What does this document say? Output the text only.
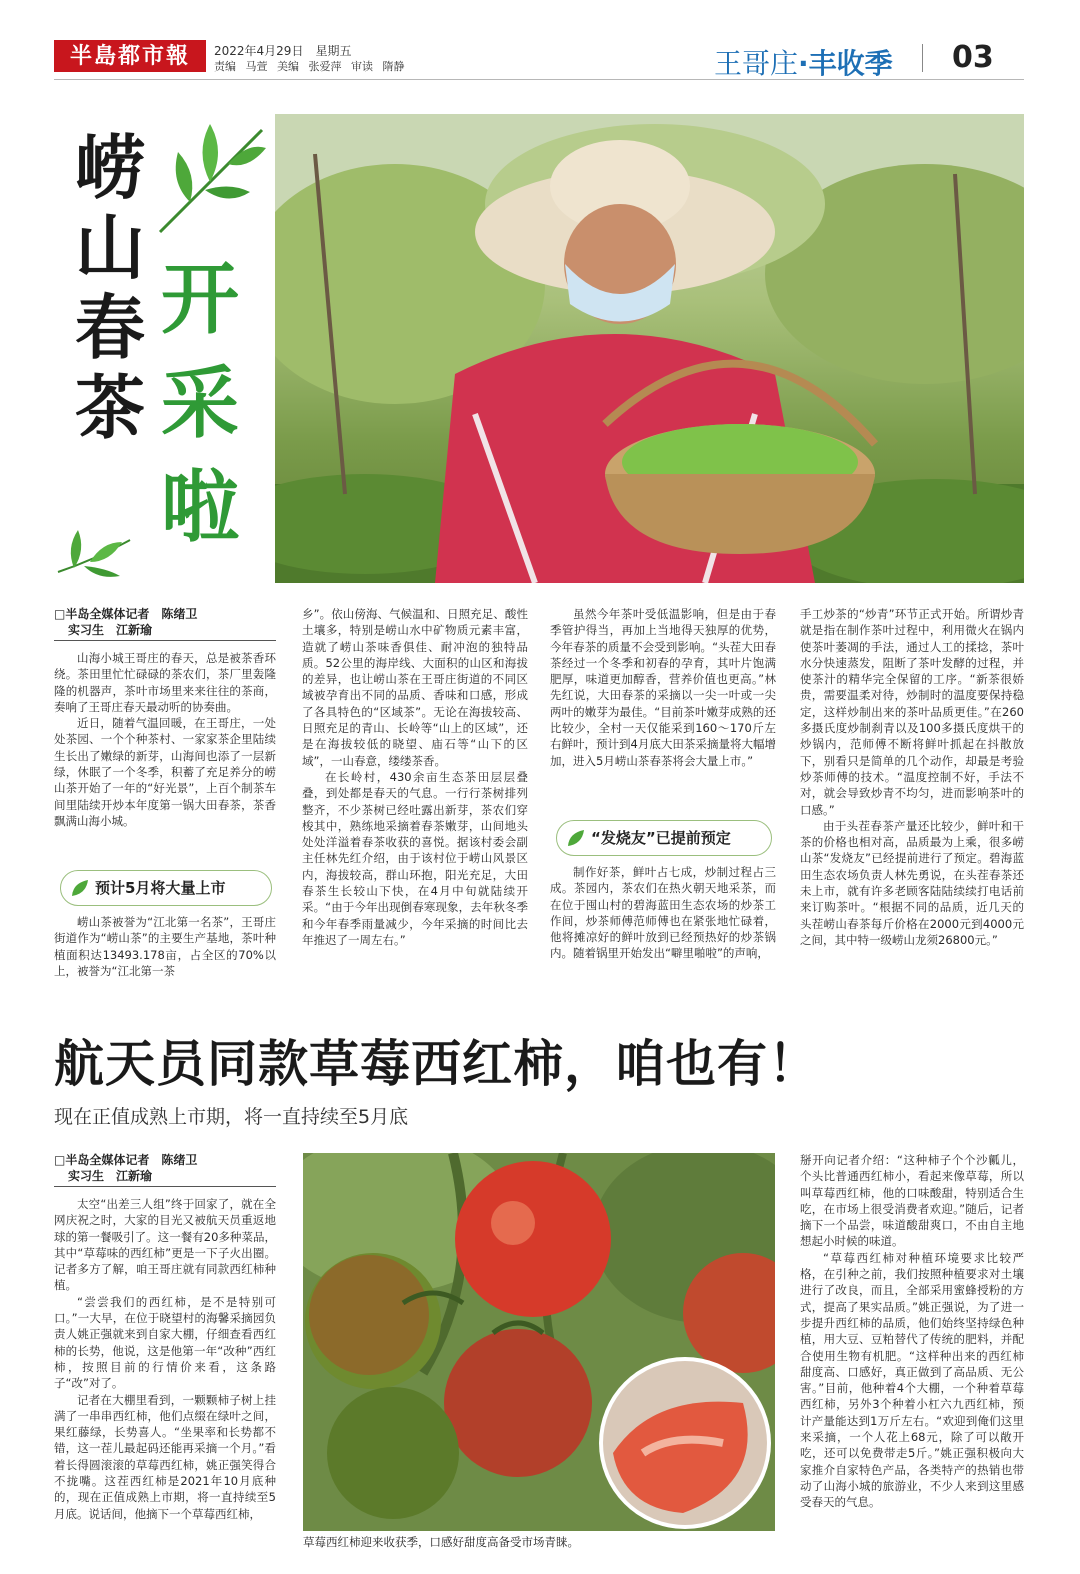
半島都市報	2022年4月29日　星期五
责编 马萱 美编 张爱萍 审读 隋静	王哥庄·丰收季 03
崂山春茶
开采啦
□半岛全媒体记者　陈绪卫
实习生　江新瑜

山海小城王哥庄的春天，总是被茶香环绕。茶田里忙忙碌碌的茶农们，茶厂里轰隆隆的机器声，茶叶市场里来来往往的茶商，奏响了王哥庄春天最动听的协奏曲。

近日，随着气温回暖，在王哥庄，一处处茶园、一个个种茶村、一家家茶企里陆续生长出了嫩绿的新芽，山海间也添了一层新绿，休眠了一个冬季，积蓄了充足养分的崂山茶开始了一年的“好光景”，上百个制茶车间里陆续开炒本年度第一锅大田春茶，茶香飘满山海小城。

预计5月将大量上市

崂山茶被誉为“江北第一名茶”，王哥庄街道作为“崂山茶”的主要生产基地，茶叶种植面积达13493.178亩，占全区的70%以上，被誉为“江北第一茶

乡”。依山傍海、气候温和、日照充足、酸性土壤多，特别是崂山水中矿物质元素丰富，造就了崂山茶味香俱佳、耐冲泡的独特品质。52公里的海岸线、大面积的山区和海拔的差异，也让崂山茶在王哥庄街道的不同区域被孕育出不同的品质、香味和口感，形成了各具特色的“区域茶”。无论在海拔较高、日照充足的青山、长岭等“山上的区域”，还是在海拔较低的晓望、庙石等“山下的区域”，一山春意，缕缕茶香。

在长岭村，430余亩生态茶田层层叠叠，到处都是春天的气息。一行行茶树排列整齐，不少茶树已经吐露出新芽，茶农们穿梭其中，熟练地采摘着春茶嫩芽，山间地头处处洋溢着春茶收获的喜悦。据该村委会副主任林先红介绍，由于该村位于崂山风景区内，海拔较高，群山环抱，阳光充足，大田春茶生长较山下快，在4月中旬就陆续开采。“由于今年出现倒春寒现象，去年秋冬季和今年春季雨量减少，今年采摘的时间比去年推迟了一周左右。”

虽然今年茶叶受低温影响，但是由于春季管护得当，再加上当地得天独厚的优势，今年春茶的质量不会受到影响。“头茬大田春茶经过一个冬季和初春的孕育，其叶片饱满肥厚，味道更加醇香，营养价值也更高。”林先红说，大田春茶的采摘以一尖一叶或一尖两叶的嫩芽为最佳。“目前茶叶嫩芽成熟的还比较少，全村一天仅能采到160～170斤左右鲜叶，预计到4月底大田茶采摘量将大幅增加，进入5月崂山茶春茶将会大量上市。”

“发烧友”已提前预定

制作好茶，鲜叶占七成，炒制过程占三成。茶园内，茶农们在热火朝天地采茶，而在位于囤山村的碧海蓝田生态农场的炒茶工作间，炒茶师傅范师傅也在紧张地忙碌着，他将摊凉好的鲜叶放到已经预热好的炒茶锅内。随着锅里开始发出“噼里啪啦”的声响，

手工炒茶的“炒青”环节正式开始。所谓炒青就是指在制作茶叶过程中，利用微火在锅内使茶叶萎凋的手法，通过人工的揉捻，茶叶水分快速蒸发，阻断了茶叶发酵的过程，并使茶汁的精华完全保留的工序。“新茶很娇贵，需要温柔对待，炒制时的温度要保持稳定，这样炒制出来的茶叶品质更佳。”在260多摄氏度炒制刹青以及100多摄氏度烘干的炒锅内，范师傅不断将鲜叶抓起在抖散放下，别看只是简单的几个动作，却最是考验炒茶师傅的技术。“温度控制不好，手法不对，就会导致炒青不均匀，进而影响茶叶的口感。”

由于头茬春茶产量还比较少，鲜叶和干茶的价格也相对高，品质最为上乘，很多崂山茶“发烧友”已经提前进行了预定。碧海蓝田生态农场负责人林先勇说，在头茬春茶还未上市，就有许多老顾客陆陆续续打电话前来订购茶叶。“根据不同的品质，近几天的头茬崂山春茶每斤价格在2000元到4000元之间，其中特一级崂山龙须26800元。”

航天员同款草莓西红柿，咱也有！
现在正值成熟上市期，将一直持续至5月底
□半岛全媒体记者　陈绪卫
实习生　江新瑜

太空“出差三人组”终于回家了，就在全网庆祝之时，大家的目光又被航天员重返地球的第一餐吸引了。这一餐有20多种菜品，其中“草莓味的西红柿”更是一下子火出圈。记者多方了解，咱王哥庄就有同款西红柿种植。

“尝尝我们的西红柿，是不是特别可口。”一大早，在位于晓望村的海馨采摘园负责人姚正强就来到自家大棚，仔细查看西红柿的长势，他说，这是他第一年“改种”西红柿，按照目前的行情价来看，这条路子“改”对了。

记者在大棚里看到，一颗颗柿子树上挂满了一串串西红柿，他们点缀在绿叶之间，果红藤绿，长势喜人。“坐果率和长势都不错，这一茬儿最起码还能再采摘一个月。”看着长得圆滚滚的草莓西红柿，姚正强笑得合不拢嘴。这茬西红柿是2021年10月底种的，现在正值成熟上市期，将一直持续至5月底。说话间，他摘下一个草莓西红柿，

草莓西红柿迎来收获季，口感好甜度高备受市场青睐。

掰开向记者介绍：“这种柿子个个沙瓤儿，个头比普通西红柿小，看起来像草莓，所以叫草莓西红柿，他的口味酸甜，特别适合生吃，在市场上很受消费者欢迎。”随后，记者摘下一个品尝，味道酸甜爽口，不由自主地想起小时候的味道。

“草莓西红柿对种植环境要求比较严格，在引种之前，我们按照种植要求对土壤进行了改良，而且，全部采用蜜蜂授粉的方式，提高了果实品质。”姚正强说，为了进一步提升西红柿的品质，他们始终坚持绿色种植，用大豆、豆粕替代了传统的肥料，并配合使用生物有机肥。“这样种出来的西红柿甜度高、口感好，真正做到了高品质、无公害。”目前，他种着4个大棚，一个种着草莓西红柿，另外3个种着小杠六九西红柿，预计产量能达到1万斤左右。“欢迎到俺们这里来采摘，一个人花上68元，除了可以敞开吃，还可以免费带走5斤。”姚正强积极向大家推介自家特色产品，各类特产的热销也带动了山海小城的旅游业，不少人来到这里感受春天的气息。
